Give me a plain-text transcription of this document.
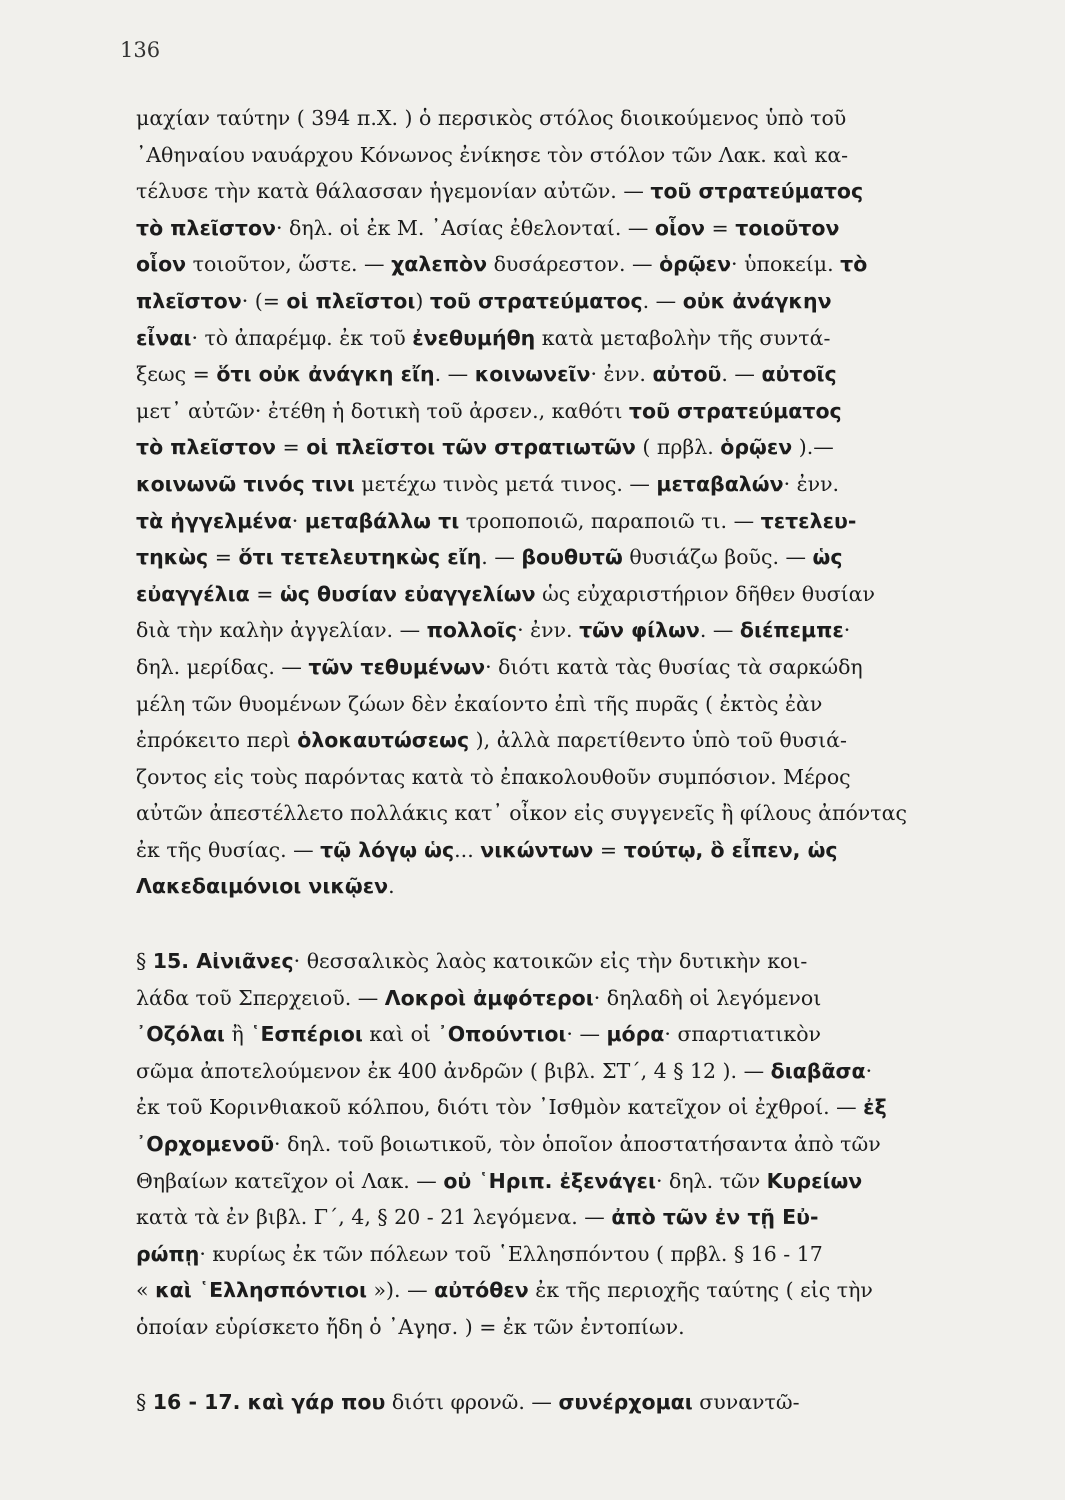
136
μαχίαν ταύτην ( 394 π.Χ. ) ὁ περσικὸς στόλος διοικούμενος ὑπὸ τοῦ
᾿Αθηναίου ναυάρχου Κόνωνος ἐνίκησε τὸν στόλον τῶν Λακ. καὶ κα-
τέλυσε τὴν κατὰ θάλασσαν ἡγεμονίαν αὐτῶν. — τοῦ στρατεύματος
τὸ πλεῖστον· δηλ. οἱ ἐκ Μ. ᾿Ασίας ἐθελονταί. — οἷον = τοιοῦτον
οἷον τοιοῦτον, ὥστε. — χαλεπὸν δυσάρεστον. — ὁρῷεν· ὑποκείμ. τὸ
πλεῖστον· (= οἱ πλεῖστοι) τοῦ στρατεύματος. — οὐκ ἀνάγκην
εἶναι· τὸ ἀπαρέμφ. ἐκ τοῦ ἐνεθυμήθη κατὰ μεταβολὴν τῆς συντά-
ξεως = ὅτι οὐκ ἀνάγκη εἴη. — κοινωνεῖν· ἐνν. αὐτοῦ. — αὐτοῖς
μετ᾿ αὐτῶν· ἐτέθη ἡ δοτικὴ τοῦ ἀρσεν., καθότι τοῦ στρατεύματος
τὸ πλεῖστον = οἱ πλεῖστοι τῶν στρατιωτῶν ( πρβλ. ὁρῷεν ).—
κοινωνῶ τινός τινι μετέχω τινὸς μετά τινος. — μεταβαλών· ἐνν.
τὰ ἠγγελμένα· μεταβάλλω τι τροποποιῶ, παραποιῶ τι. — τετελευ-
τηκὼς = ὅτι τετελευτηκὼς εἴη. — βουθυτῶ θυσιάζω βοῦς. — ὡς
εὐαγγέλια = ὡς θυσίαν εὐαγγελίων ὡς εὐχαριστήριον δῆθεν θυσίαν
διὰ τὴν καλὴν ἀγγελίαν. — πολλοῖς· ἐνν. τῶν φίλων. — διέπεμπε·
δηλ. μερίδας. — τῶν τεθυμένων· διότι κατὰ τὰς θυσίας τὰ σαρκώδη
μέλη τῶν θυομένων ζώων δὲν ἐκαίοντο ἐπὶ τῆς πυρᾶς ( ἐκτὸς ἐὰν
ἐπρόκειτο περὶ ὁλοκαυτώσεως ), ἀλλὰ παρετίθεντο ὑπὸ τοῦ θυσιά-
ζοντος εἰς τοὺς παρόντας κατὰ τὸ ἐπακολουθοῦν συμπόσιον. Μέρος
αὐτῶν ἀπεστέλλετο πολλάκις κατ᾿ οἶκον εἰς συγγενεῖς ἢ φίλους ἀπόντας
ἐκ τῆς θυσίας. — τῷ λόγῳ ὡς... νικώντων = τούτῳ, ὃ εἶπεν, ὡς
Λακεδαιμόνιοι νικῷεν.
§ 15. Αἰνιᾶνες· θεσσαλικὸς λαὸς κατοικῶν εἰς τὴν δυτικὴν κοι-
λάδα τοῦ Σπερχειοῦ. — Λοκροὶ ἀμφότεροι· δηλαδὴ οἱ λεγόμενοι
᾿Οζόλαι ἢ ῾Εσπέριοι καὶ οἱ ᾿Οπούντιοι· — μόρα· σπαρτιατικὸν
σῶμα ἀποτελούμενον ἐκ 400 ἀνδρῶν ( βιβλ. ΣΤ΄, 4 § 12 ). — διαβᾶσα·
ἐκ τοῦ Κορινθιακοῦ κόλπου, διότι τὸν ᾿Ισθμὸν κατεῖχον οἱ ἐχθροί. — ἐξ
᾿Ορχομενοῦ· δηλ. τοῦ βοιωτικοῦ, τὸν ὁποῖον ἀποστατήσαντα ἀπὸ τῶν
Θηβαίων κατεῖχον οἱ Λακ. — οὐ ῾Ηριπ. ἐξενάγει· δηλ. τῶν Κυρείων
κατὰ τὰ ἐν βιβλ. Γ΄, 4, § 20 - 21 λεγόμενα. — ἀπὸ τῶν ἐν τῇ Εὐ-
ρώπῃ· κυρίως ἐκ τῶν πόλεων τοῦ ῾Ελλησπόντου ( πρβλ. § 16 - 17
« καὶ ῾Ελλησπόντιοι »). — αὐτόθεν ἐκ τῆς περιοχῆς ταύτης ( εἰς τὴν
ὁποίαν εὑρίσκετο ἤδη ὁ ᾿Αγησ. ) = ἐκ τῶν ἐντοπίων.
§ 16 - 17. καὶ γάρ που διότι φρονῶ. — συνέρχομαι συναντῶ-
